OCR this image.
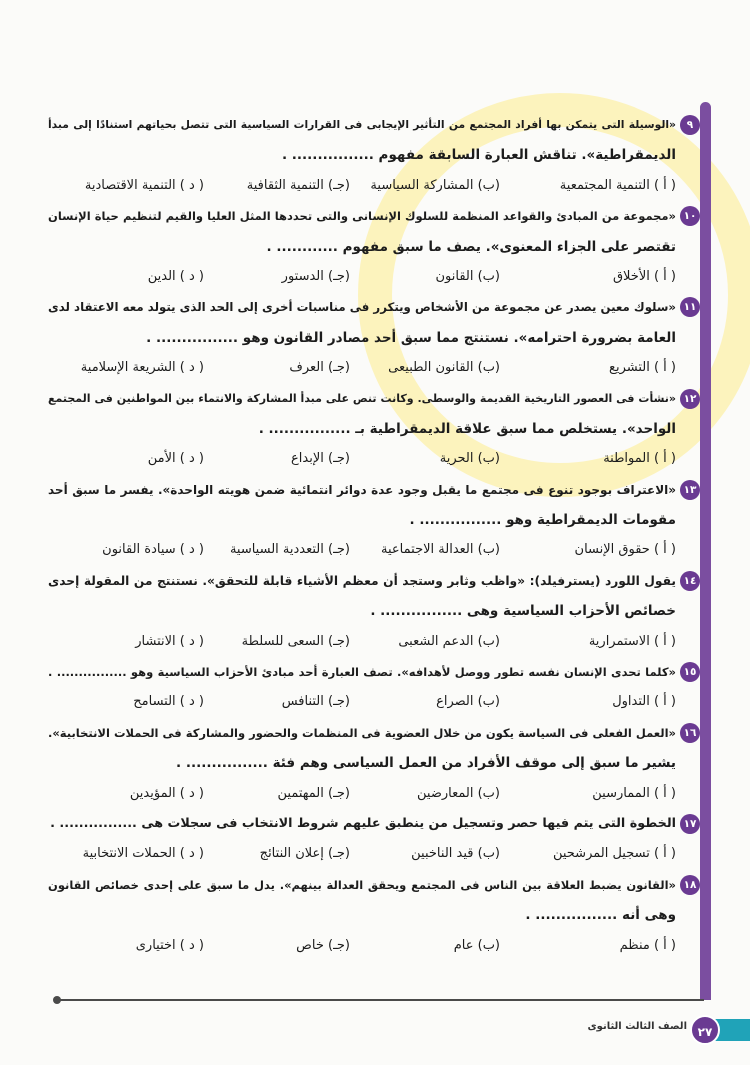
٩
«الوسيلة التى يتمكن بها أفراد المجتمع من التأثير الإيجابى فى القرارات السياسية التى تتصل بحياتهم استنادًا إلى مبدأ
الديمقراطية». تناقش العبارة السابقة مفهوم ................ .
( أ ) التنمية المجتمعية
(ب) المشاركة السياسية
(جـ) التنمية الثقافية
( د ) التنمية الاقتصادية
١٠
«مجموعة من المبادئ والقواعد المنظمة للسلوك الإنسانى والتى تحددها المثل العليا والقيم لتنظيم حياة الإنسان
تقتصر على الجزاء المعنوى». يصف ما سبق مفهوم ............ .
( أ ) الأخلاق
(ب) القانون
(جـ) الدستور
( د ) الدين
١١
«سلوك معين يصدر عن مجموعة من الأشخاص ويتكرر فى مناسبات أخرى إلى الحد الذى يتولد معه الاعتقاد لدى
العامة بضرورة احترامه». نستنتج مما سبق أحد مصادر القانون وهو ................ .
( أ ) التشريع
(ب) القانون الطبيعى
(جـ) العرف
( د ) الشريعة الإسلامية
١٢
«نشأت فى العصور التاريخية القديمة والوسطى. وكانت تنص على مبدأ المشاركة والانتماء بين المواطنين فى المجتمع
الواحد». يستخلص مما سبق علاقة الديمقراطية بـ ................ .
( أ ) المواطنة
(ب) الحرية
(جـ) الإبداع
( د ) الأمن
١٣
«الاعتراف بوجود تنوع فى مجتمع ما يقبل وجود عدة دوائر انتمائية ضمن هويته الواحدة». يفسر ما سبق أحد
مقومات الديمقراطية وهو ................ .
( أ ) حقوق الإنسان
(ب) العدالة الاجتماعية
(جـ) التعددية السياسية
( د ) سيادة القانون
١٤
يقول اللورد (يسترفيلد): «واظب وثابر وستجد أن معظم الأشياء قابلة للتحقق». نستنتج من المقولة إحدى
خصائص الأحزاب السياسية وهى ................ .
( أ ) الاستمرارية
(ب) الدعم الشعبى
(جـ) السعى للسلطة
( د ) الانتشار
١٥
«كلما تحدى الإنسان نفسه تطور ووصل لأهدافه». تصف العبارة أحد مبادئ الأحزاب السياسية وهو ................ .
( أ ) التداول
(ب) الصراع
(جـ) التنافس
( د ) التسامح
١٦
«العمل الفعلى فى السياسة يكون من خلال العضوية فى المنظمات والحضور والمشاركة فى الحملات الانتخابية».
يشير ما سبق إلى موقف الأفراد من العمل السياسى وهم فئة ................ .
( أ ) الممارسين
(ب) المعارضين
(جـ) المهتمين
( د ) المؤيدين
١٧
الخطوة التى يتم فيها حصر وتسجيل من ينطبق عليهم شروط الانتخاب فى سجلات هى ................ .
( أ ) تسجيل المرشحين
(ب) قيد الناخبين
(جـ) إعلان النتائج
( د ) الحملات الانتخابية
١٨
«القانون يضبط العلاقة بين الناس فى المجتمع ويحقق العدالة بينهم». يدل ما سبق على إحدى خصائص القانون
وهى أنه ................ .
( أ ) منظم
(ب) عام
(جـ) خاص
( د ) اختيارى
٢٧
الصف الثالث الثانوى
